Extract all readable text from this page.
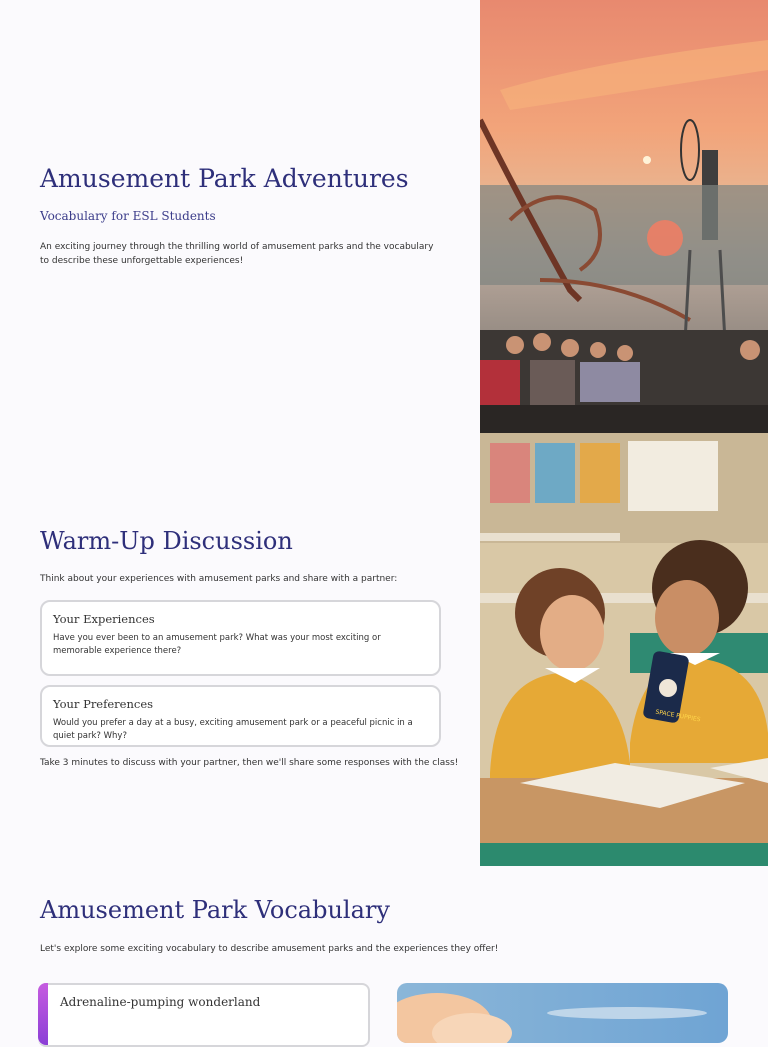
Amusement Park Adventures
Vocabulary for ESL Students
An exciting journey through the thrilling world of amusement parks and the vocabulary to describe these unforgettable experiences!
Warm-Up Discussion
Think about your experiences with amusement parks and share with a partner:
Your Experiences
Have you ever been to an amusement park? What was your most exciting or memorable experience there?
Your Preferences
Would you prefer a day at a busy, exciting amusement park or a peaceful picnic in a quiet park? Why?
Take 3 minutes to discuss with your partner, then we'll share some responses with the class!
SPACE PUPPIES
Amusement Park Vocabulary
Let's explore some exciting vocabulary to describe amusement parks and the experiences they offer!
Adrenaline-pumping wonderland
